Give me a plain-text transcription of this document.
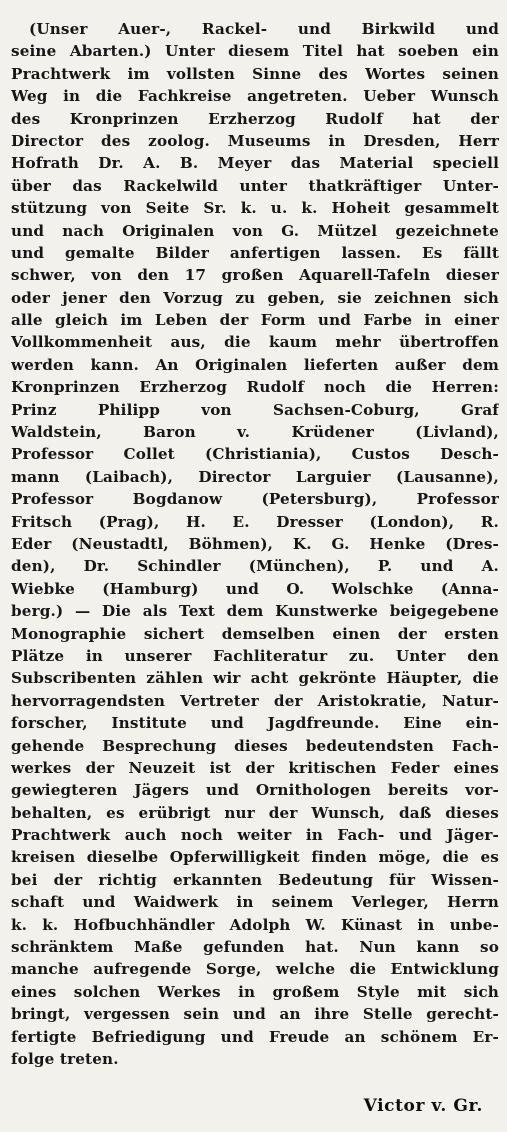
(Unser Auer-, Rackel- und Birkwild und
seine Abarten.) Unter diesem Titel hat soeben ein
Prachtwerk im vollsten Sinne des Wortes seinen
Weg in die Fachkreise angetreten. Ueber Wunsch
des Kronprinzen Erzherzog Rudolf hat der
Director des zoolog. Museums in Dresden, Herr
Hofrath Dr. A. B. Meyer das Material speciell
über das Rackelwild unter thatkräftiger Unter-
stützung von Seite Sr. k. u. k. Hoheit gesammelt
und nach Originalen von G. Mützel gezeichnete
und gemalte Bilder anfertigen lassen. Es fällt
schwer, von den 17 großen Aquarell-Tafeln dieser
oder jener den Vorzug zu geben, sie zeichnen sich
alle gleich im Leben der Form und Farbe in einer
Vollkommenheit aus, die kaum mehr übertroffen
werden kann. An Originalen lieferten außer dem
Kronprinzen Erzherzog Rudolf noch die Herren:
Prinz Philipp von Sachsen-Coburg, Graf
Waldstein, Baron v. Krüdener (Livland),
Professor Collet (Christiania), Custos Desch-
mann (Laibach), Director Larguier (Lausanne),
Professor Bogdanow (Petersburg), Professor
Fritsch (Prag), H. E. Dresser (London), R.
Eder (Neustadtl, Böhmen), K. G. Henke (Dres-
den), Dr. Schindler (München), P. und A.
Wiebke (Hamburg) und O. Wolschke (Anna-
berg.) — Die als Text dem Kunstwerke beigegebene
Monographie sichert demselben einen der ersten
Plätze in unserer Fachliteratur zu. Unter den
Subscribenten zählen wir acht gekrönte Häupter, die
hervorragendsten Vertreter der Aristokratie, Natur-
forscher, Institute und Jagdfreunde. Eine ein-
gehende Besprechung dieses bedeutendsten Fach-
werkes der Neuzeit ist der kritischen Feder eines
gewiegteren Jägers und Ornithologen bereits vor-
behalten, es erübrigt nur der Wunsch, daß dieses
Prachtwerk auch noch weiter in Fach- und Jäger-
kreisen dieselbe Opferwilligkeit finden möge, die es
bei der richtig erkannten Bedeutung für Wissen-
schaft und Waidwerk in seinem Verleger, Herrn
k. k. Hofbuchhändler Adolph W. Künast in unbe-
schränktem Maße gefunden hat. Nun kann so
manche aufregende Sorge, welche die Entwicklung
eines solchen Werkes in großem Style mit sich
bringt, vergessen sein und an ihre Stelle gerecht-
fertigte Befriedigung und Freude an schönem Er-
folge treten.
Victor v. Gr.
